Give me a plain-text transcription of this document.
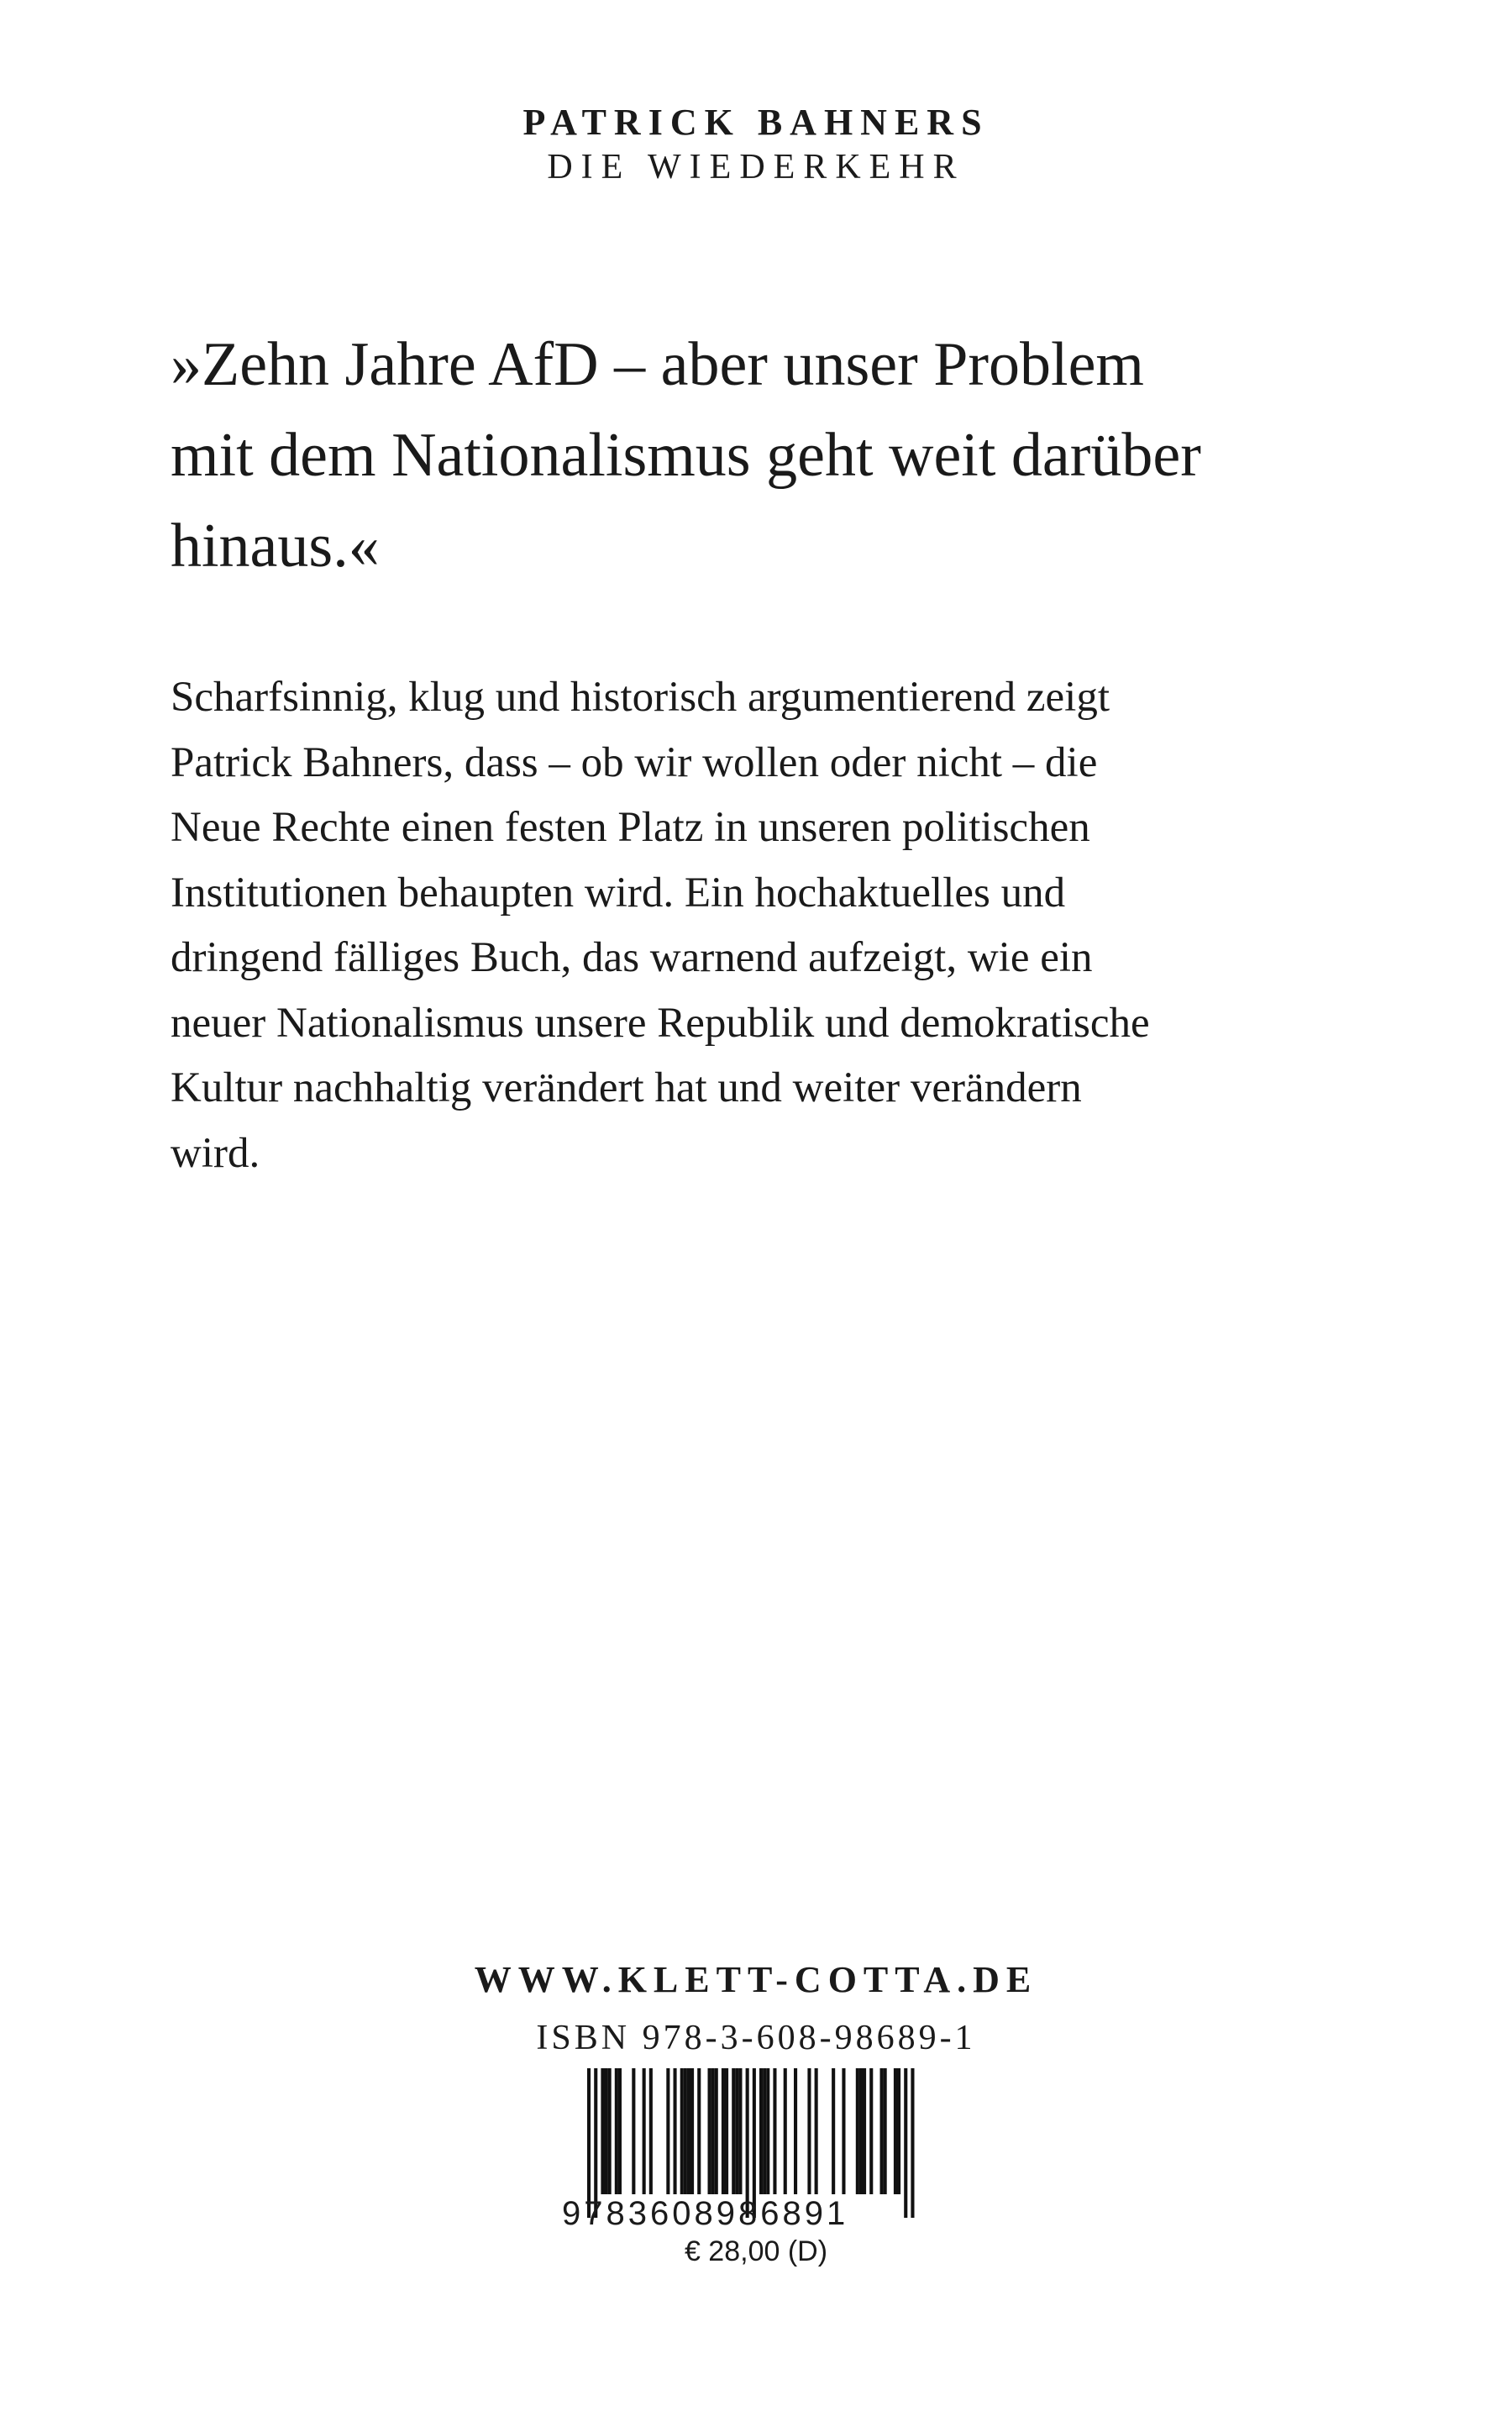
PATRICK BAHNERS
DIE WIEDERKEHR
»Zehn Jahre AfD – aber unser Problem
mit dem Nationalismus geht weit darüber
hinaus.«
Scharfsinnig, klug und historisch argumentierend zeigt
Patrick Bahners, dass – ob wir wollen oder nicht – die
Neue Rechte einen festen Platz in unseren politischen
Institutionen behaupten wird. Ein hochaktuelles und
dringend fälliges Buch, das warnend aufzeigt, wie ein
neuer Nationalismus unsere Republik und demokratische
Kultur nachhaltig verändert hat und weiter verändern
wird.
WWW.KLETT-COTTA.DE
ISBN 978-3-608-98689-1
9783608986891
€ 28,00 (D)
